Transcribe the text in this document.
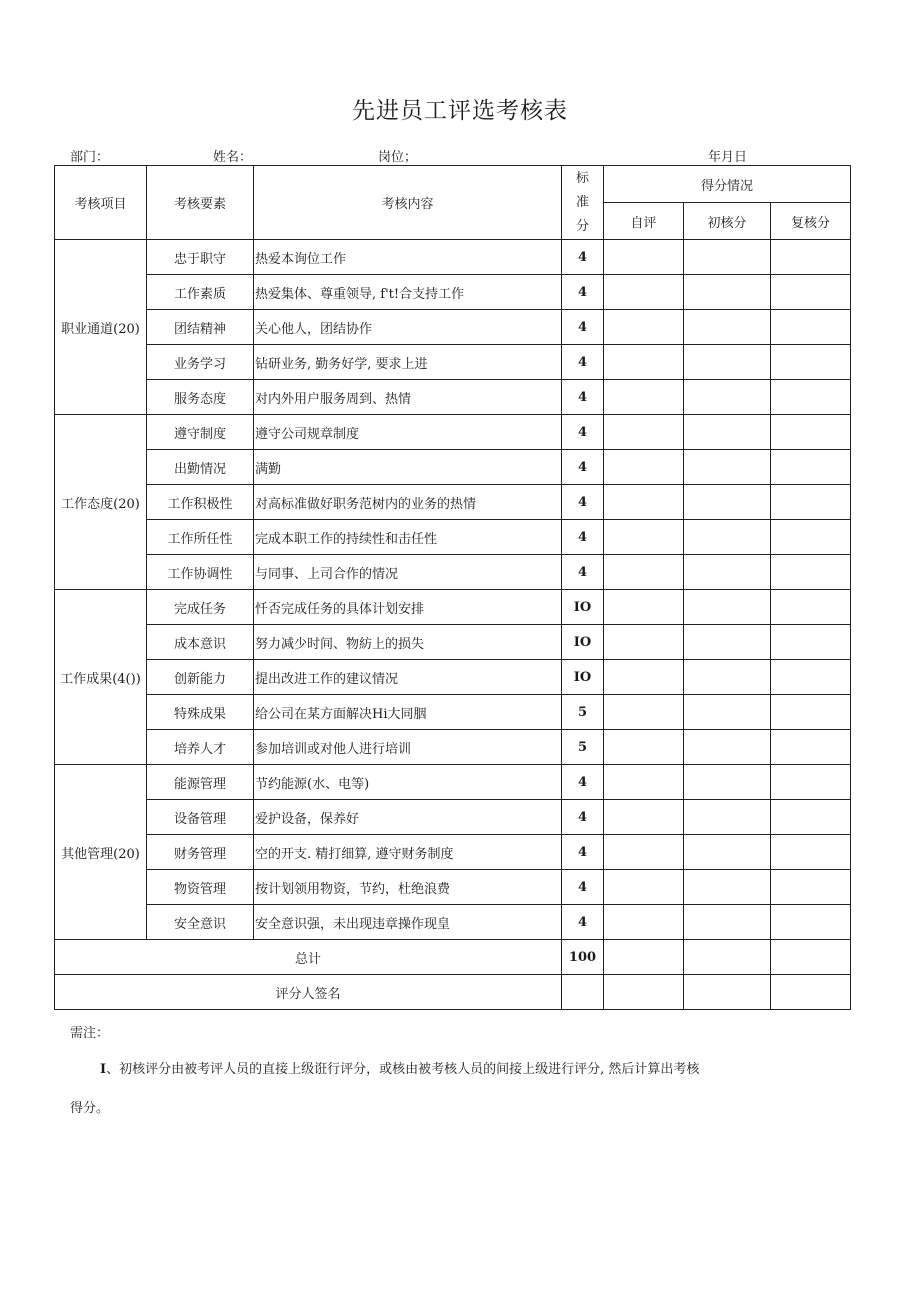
先进员工评选考核表
部门：	姓名：	岗位；	年月日
考核项目	考核要素	考核内容	标
准
分	得分情况		
				自评	初核分	复核分
职业通道(20)	忠于职守	热爱本询位工作	4			
	工作素质	热爱集体、尊重领导, f't!合支持工作	4			
	团结精神	关心他人，团结协作	4			
	业务学习	钻研业务, 勤务好学, 要求上进	4			
	服务态度	对内外用户服务周到、热情	4			
工作态度(20)	遵守制度	遵守公司规章制度	4			
	出勤情况	满勤	4			
	工作积极性	对高标准做好职务范树内的业务的热情	4			
	工作所任性	完成本职工作的持续性和击任性	4			
	工作协调性	与同事、上司合作的情况	4			
工作成果(4())	完成任务	忏否完成任务的具体计划安排	IO			
	成本意识	努力减少时间、物紡上的损失	IO			
	创新能力	提出改进工作的建议情况	IO			
	特殊成果	给公司在某方面解决Hi大同胭	5			
	培养人才	参加培训或对他人进行培训	5			
其他管理(20)	能源管理	节约能源(水、电等)	4			
	设备管理	爱护设备，保养好	4			
	财务管理	空的开支. 精打细算, 遵守财务制度	4			
	物资管理	按计划领用物资，节约，杜绝浪费	4			
	安全意识	安全意识强，未出现违章操作现皇	4			
总计			100			
评分人签名						
需注：
I、初核评分由被考评人员的直接上级诳行评分，或核由被考核人员的间接上级进行评分, 然后计算出考核
得分。
